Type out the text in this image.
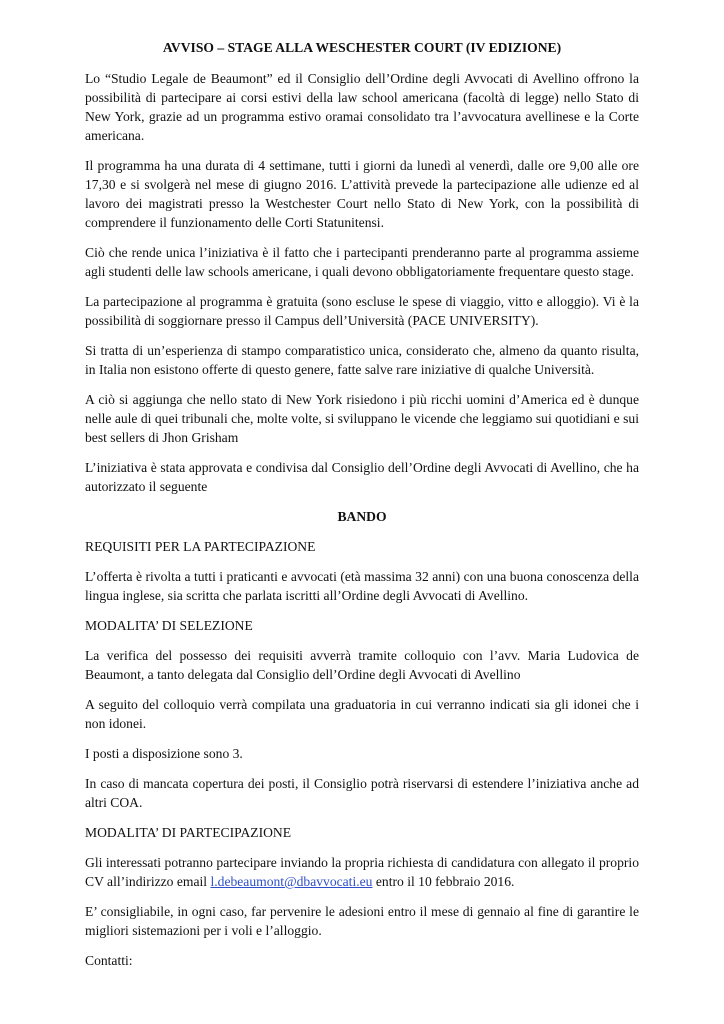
AVVISO – STAGE ALLA WESCHESTER COURT (IV EDIZIONE)

Lo “Studio Legale de Beaumont” ed il Consiglio dell’Ordine degli Avvocati di Avellino offrono la possibilità di partecipare ai corsi estivi della law school americana (facoltà di legge) nello Stato di New York, grazie ad un programma estivo oramai consolidato tra l’avvocatura avellinese e la Corte americana.

Il programma ha una durata di 4 settimane, tutti i giorni da lunedì al venerdì, dalle ore 9,00 alle ore 17,30 e si svolgerà nel mese di giugno 2016. L’attività prevede la partecipazione alle udienze ed al lavoro dei magistrati presso la Westchester Court nello Stato di New York, con la possibilità di comprendere il funzionamento delle Corti Statunitensi.

Ciò che rende unica l’iniziativa è il fatto che i partecipanti prenderanno parte al programma assieme agli studenti delle law schools americane, i quali devono obbligatoriamente frequentare questo stage.

La partecipazione al programma è gratuita (sono escluse le spese di viaggio, vitto e alloggio). Vi è la possibilità di soggiornare presso il Campus dell’Università (PACE UNIVERSITY).

Si tratta di un’esperienza di stampo comparatistico unica, considerato che, almeno da quanto risulta, in Italia non esistono offerte di questo genere, fatte salve rare iniziative di qualche Università.

A ciò si aggiunga che nello stato di New York risiedono i più ricchi uomini d’America ed è dunque nelle aule di quei tribunali che, molte volte, si sviluppano le vicende che leggiamo sui quotidiani e sui best sellers di Jhon Grisham

L’iniziativa è stata approvata e condivisa dal Consiglio dell’Ordine degli Avvocati di Avellino, che ha autorizzato il seguente

BANDO

REQUISITI PER LA PARTECIPAZIONE

L’offerta è rivolta a tutti i praticanti e avvocati (età massima 32 anni) con una buona conoscenza della lingua inglese, sia scritta che parlata iscritti all’Ordine degli Avvocati di Avellino.

MODALITA’ DI SELEZIONE

La verifica del possesso dei requisiti avverrà tramite colloquio con l’avv. Maria Ludovica de Beaumont, a tanto delegata dal Consiglio dell’Ordine degli Avvocati di Avellino

A seguito del colloquio verrà compilata una graduatoria in cui verranno indicati sia gli idonei che i non idonei.

I posti a disposizione sono 3.

In caso di mancata copertura dei posti, il Consiglio potrà riservarsi di estendere l’iniziativa anche ad altri COA.

MODALITA’ DI PARTECIPAZIONE

Gli interessati potranno partecipare inviando la propria richiesta di candidatura con allegato il proprio CV all’indirizzo email l.debeaumont@dbavvocati.eu entro il 10 febbraio 2016.

E’ consigliabile, in ogni caso, far pervenire le adesioni entro il mese di gennaio al fine di garantire le migliori sistemazioni per i voli e l’alloggio.

Contatti:
